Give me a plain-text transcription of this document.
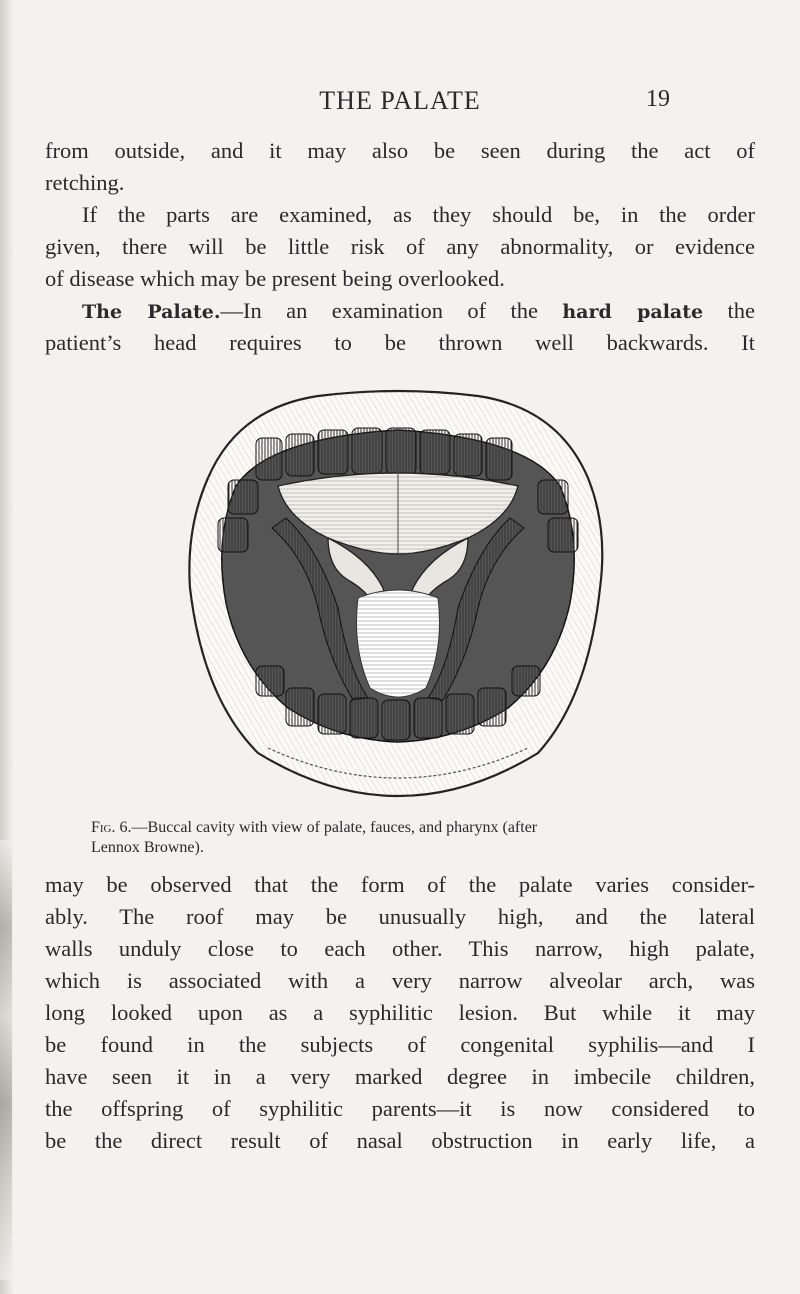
THE PALATE	19
from outside, and it may also be seen during the act of
retching.
If the parts are examined, as they should be, in the order
given, there will be little risk of any abnormality, or evidence
of disease which may be present being overlooked.
The Palate.—In an examination of the hard palate the
patient’s head requires to be thrown well backwards. It
Fig. 6.—Buccal cavity with view of palate, fauces, and pharynx (after
Lennox Browne).
may be observed that the form of the palate varies consider-
ably. The roof may be unusually high, and the lateral
walls unduly close to each other. This narrow, high palate,
which is associated with a very narrow alveolar arch, was
long looked upon as a syphilitic lesion. But while it may
be found in the subjects of congenital syphilis—and I
have seen it in a very marked degree in imbecile children,
the offspring of syphilitic parents—it is now considered to
be the direct result of nasal obstruction in early life, a
